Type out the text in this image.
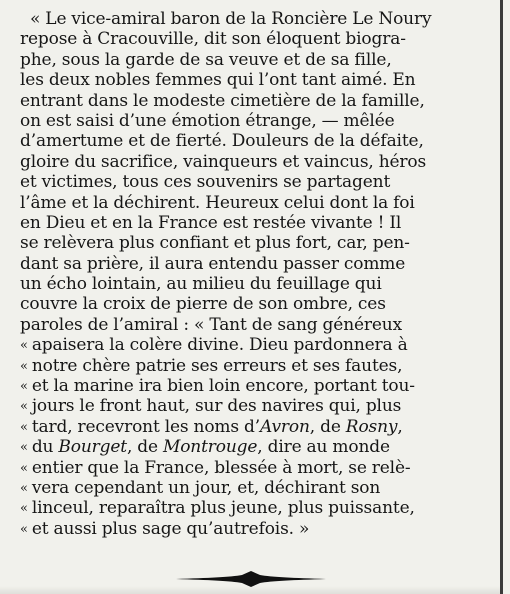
« Le vice-amiral baron de la Roncière Le Noury
repose à Cracouville, dit son éloquent biogra-
phe, sous la garde de sa veuve et de sa fille,
les deux nobles femmes qui l’ont tant aimé. En
entrant dans le modeste cimetière de la famille,
on est saisi d’une émotion étrange, — mêlée
d’amertume et de fierté. Douleurs de la défaite,
gloire du sacrifice, vainqueurs et vaincus, héros
et victimes, tous ces souvenirs se partagent
l’âme et la déchirent. Heureux celui dont la foi
en Dieu et en la France est restée vivante ! Il
se relèvera plus confiant et plus fort, car, pen-
dant sa prière, il aura entendu passer comme
un écho lointain, au milieu du feuillage qui
couvre la croix de pierre de son ombre, ces
paroles de l’amiral : « Tant de sang généreux
« apaisera la colère divine. Dieu pardonnera à
« notre chère patrie ses erreurs et ses fautes,
« et la marine ira bien loin encore, portant tou-
« jours le front haut, sur des navires qui, plus
« tard, recevront les noms d’Avron, de Rosny,
« du Bourget, de Montrouge, dire au monde
« entier que la France, blessée à mort, se relè-
« vera cependant un jour, et, déchirant son
« linceul, reparaîtra plus jeune, plus puissante,
« et aussi plus sage qu’autrefois. »
